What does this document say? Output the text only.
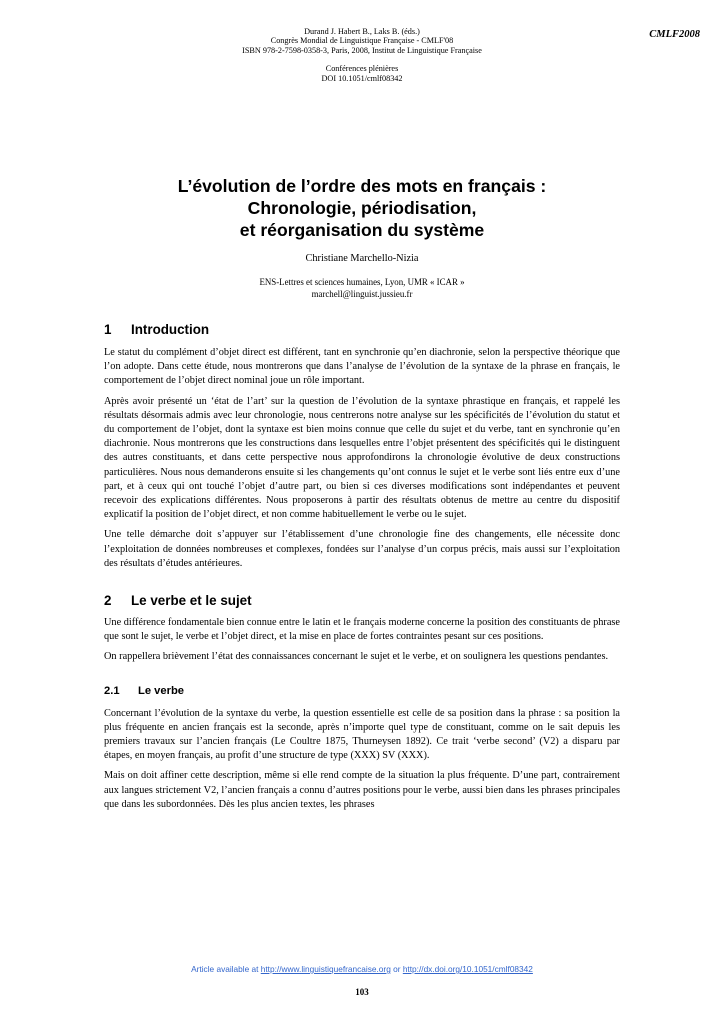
Durand J. Habert B., Laks B. (éds.)
Congrès Mondial de Linguistique Française - CMLF'08
ISBN 978-2-7598-0358-3, Paris, 2008, Institut de Linguistique Française
Conférences plénières
DOI 10.1051/cmlf08342
CMLF2008
L’évolution de l’ordre des mots en français :
Chronologie, périodisation,
et réorganisation du système
Christiane Marchello-Nizia
ENS-Lettres et sciences humaines, Lyon, UMR « ICAR »
marchell@linguist.jussieu.fr
1 Introduction

Le statut du complément d’objet direct est différent, tant en synchronie qu’en diachronie, selon la perspective théorique que l’on adopte. Dans cette étude, nous montrerons que dans l’analyse de l’évolution de la syntaxe de la phrase en français, le comportement de l’objet direct nominal joue un rôle important.

Après avoir présenté un ‘état de l’art’ sur la question de l’évolution de la syntaxe phrastique en français, et rappelé les résultats désormais admis avec leur chronologie, nous centrerons notre analyse sur les spécificités de l’évolution du statut et du comportement de l’objet, dont la syntaxe est bien moins connue que celle du sujet et du verbe, tant en synchronie qu’en diachronie. Nous montrerons que les constructions dans lesquelles entre l’objet présentent des spécificités qui le distinguent des autres constituants, et dans cette perspective nous approfondirons la chronologie évolutive de deux constructions particulières. Nous nous demanderons ensuite si les changements qu’ont connus le sujet et le verbe sont liés entre eux d’une part, et à ceux qui ont touché l’objet d’autre part, ou bien si ces diverses modifications sont indépendantes et peuvent recevoir des explications différentes. Nous proposerons à partir des résultats obtenus de mettre au centre du dispositif explicatif la position de l’objet direct, et non comme habituellement le verbe ou le sujet.

Une telle démarche doit s’appuyer sur l’établissement d’une chronologie fine des changements, elle nécessite donc l’exploitation de données nombreuses et complexes, fondées sur l’analyse d’un corpus précis, mais aussi sur l’exploitation des résultats d’études antérieures.

2 Le verbe et le sujet

Une différence fondamentale bien connue entre le latin et le français moderne concerne la position des constituants de phrase que sont le sujet, le verbe et l’objet direct, et la mise en place de fortes contraintes pesant sur ces positions.

On rappellera brièvement l’état des connaissances concernant le sujet et le verbe, et on soulignera les questions pendantes.

2.1 Le verbe

Concernant l’évolution de la syntaxe du verbe, la question essentielle est celle de sa position dans la phrase : sa position la plus fréquente en ancien français est la seconde, après n’importe quel type de constituant, comme on le sait depuis les premiers travaux sur l’ancien français (Le Coultre 1875, Thurneysen 1892). Ce trait ‘verbe second’ (V2) a disparu par étapes, en moyen français, au profit d’une structure de type (XXX) SV (XXX).

Mais on doit affiner cette description, même si elle rend compte de la situation la plus fréquente. D’une part, contrairement aux langues strictement V2, l’ancien français a connu d’autres positions pour le verbe, aussi bien dans les phrases principales que dans les subordonnées. Dès les plus ancien textes, les phrases

Article available at http://www.linguistiquefrancaise.org or http://dx.doi.org/10.1051/cmlf08342
103
